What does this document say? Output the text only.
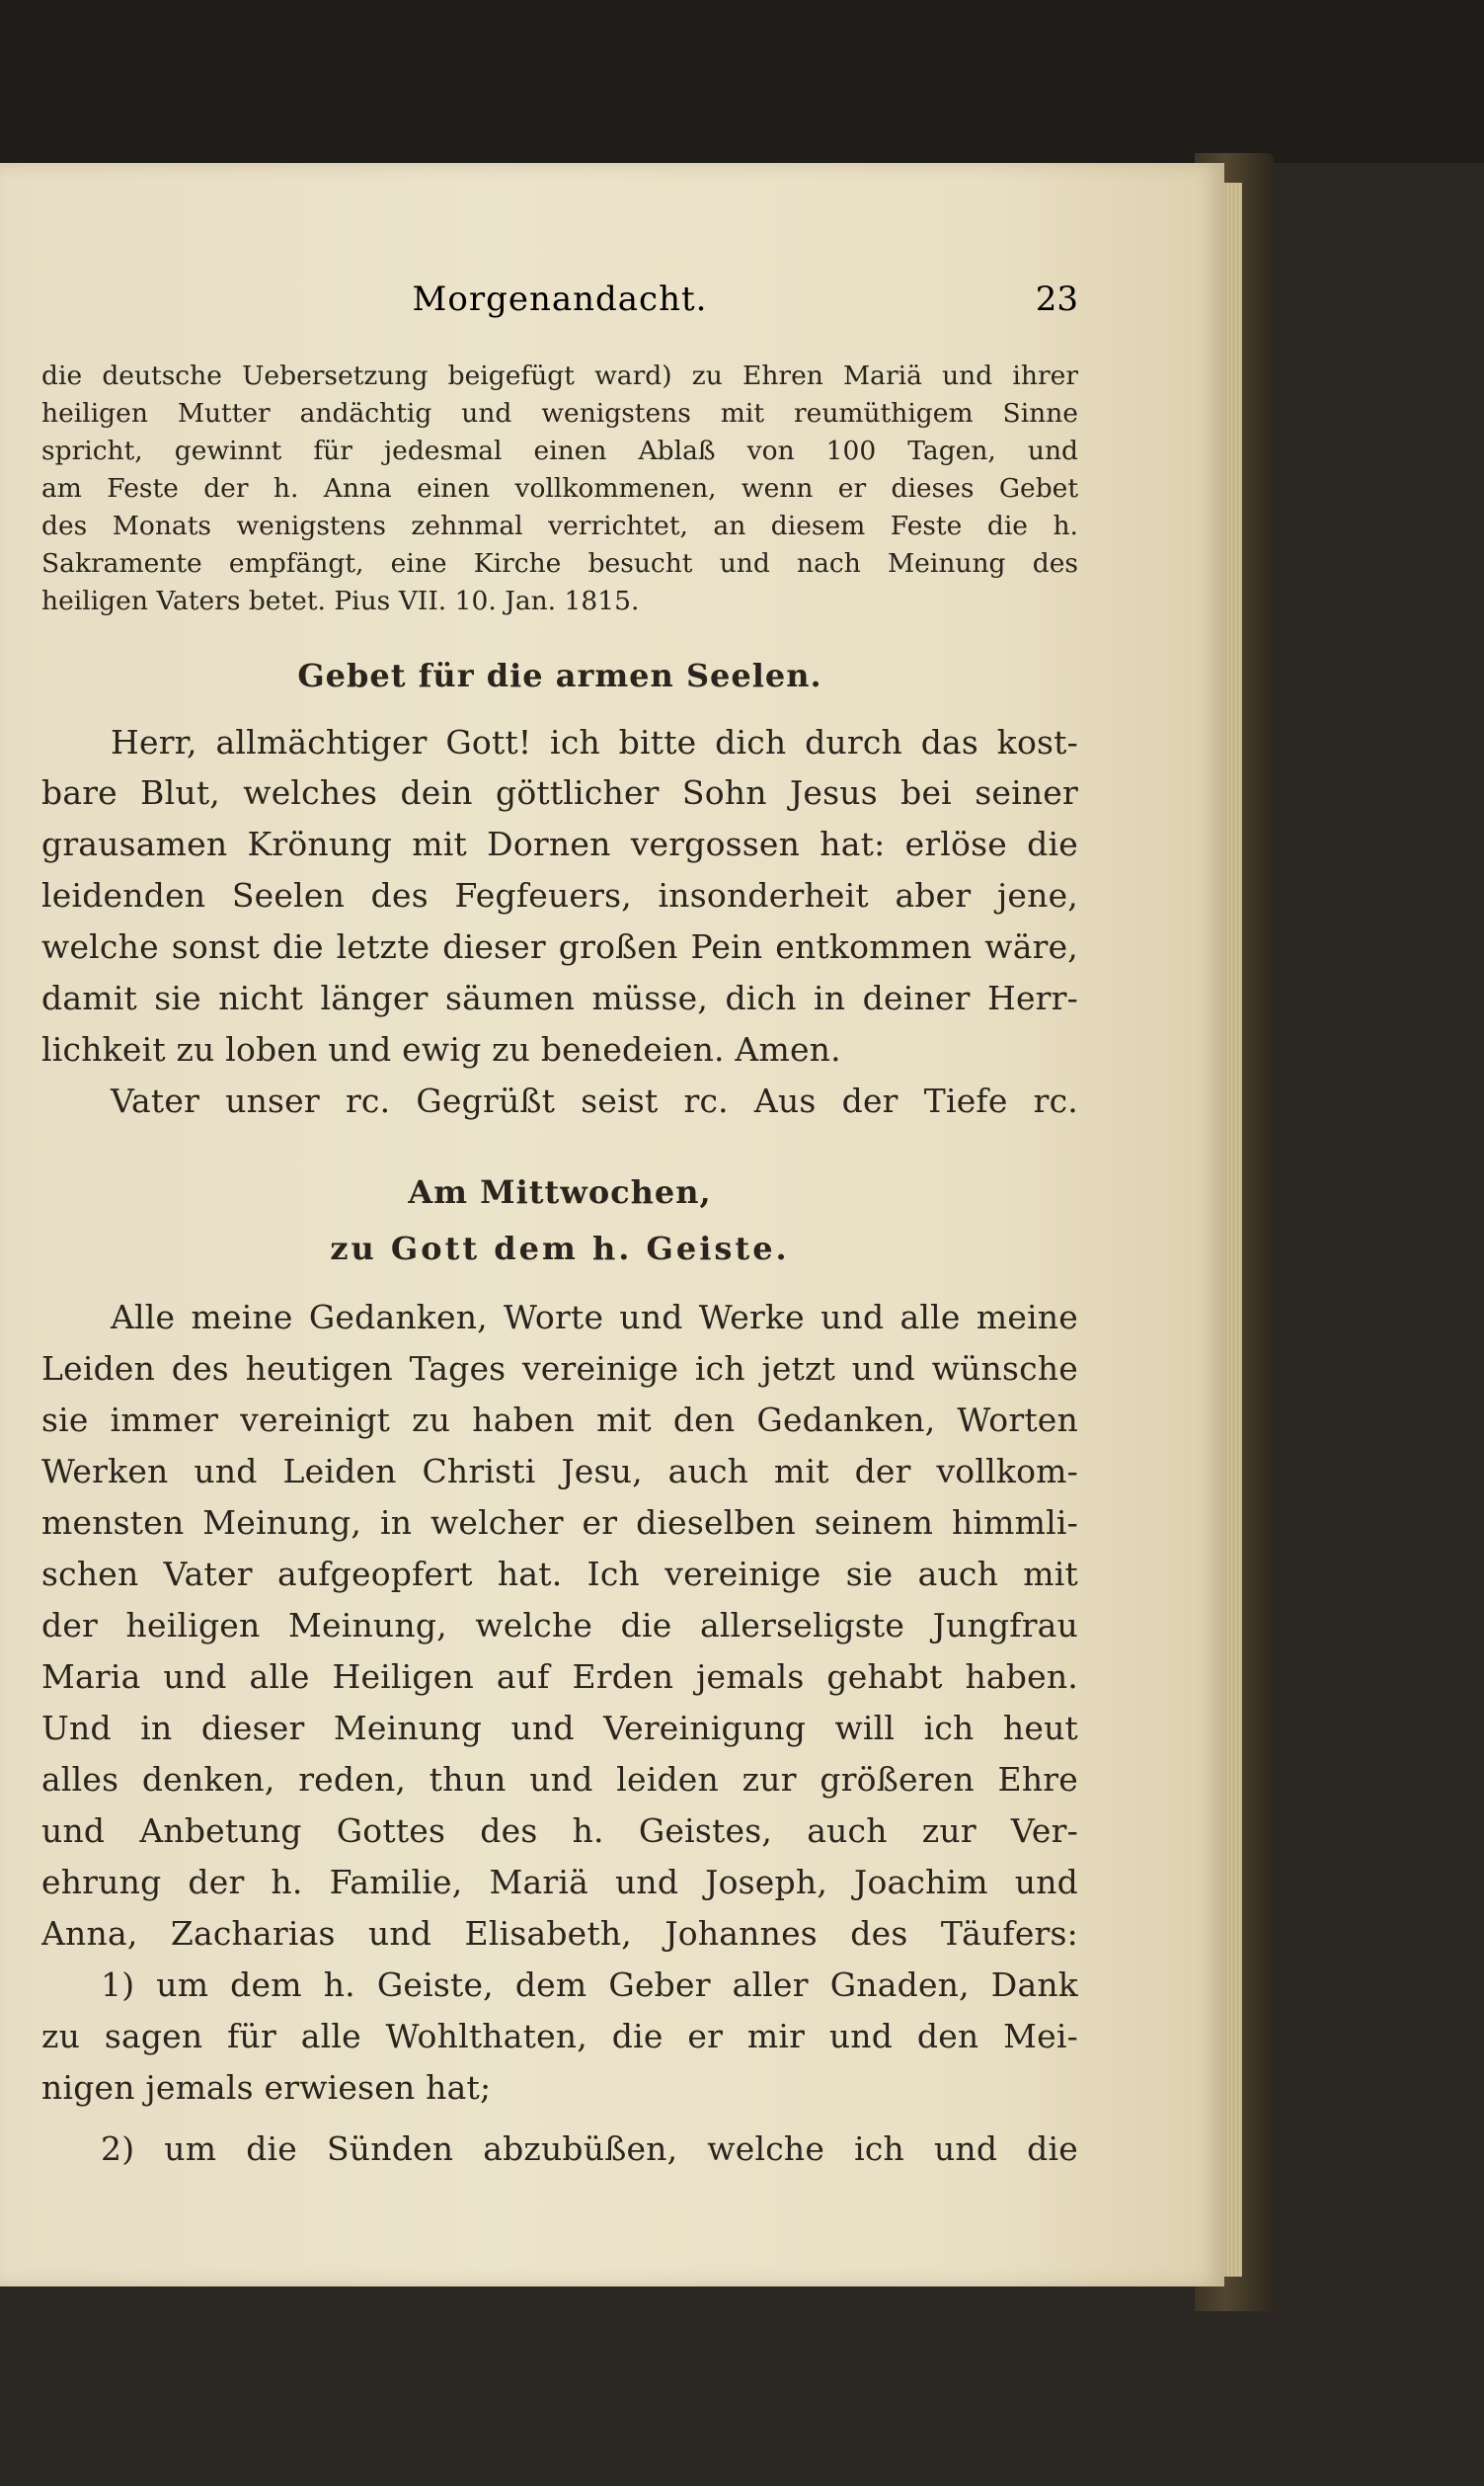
Morgenandacht.	23
die deutsche Uebersetzung beigefügt ward) zu Ehren Mariä und ihrer
heiligen Mutter andächtig und wenigstens mit reumüthigem Sinne
spricht, gewinnt für jedesmal einen Ablaß von 100 Tagen, und
am Feste der h. Anna einen vollkommenen, wenn er dieses Gebet
des Monats wenigstens zehnmal verrichtet, an diesem Feste die h.
Sakramente empfängt, eine Kirche besucht und nach Meinung des
heiligen Vaters betet. Pius VII. 10. Jan. 1815.
Gebet für die armen Seelen.
Herr, allmächtiger Gott! ich bitte dich durch das kost-
bare Blut, welches dein göttlicher Sohn Jesus bei seiner
grausamen Krönung mit Dornen vergossen hat: erlöse die
leidenden Seelen des Fegfeuers, insonderheit aber jene,
welche sonst die letzte dieser großen Pein entkommen wäre,
damit sie nicht länger säumen müsse, dich in deiner Herr-
lichkeit zu loben und ewig zu benedeien. Amen.
Vater unser rc. Gegrüßt seist rc. Aus der Tiefe rc.
Am Mittwochen,
zu Gott dem h. Geiste.
Alle meine Gedanken, Worte und Werke und alle meine
Leiden des heutigen Tages vereinige ich jetzt und wünsche
sie immer vereinigt zu haben mit den Gedanken, Worten
Werken und Leiden Christi Jesu, auch mit der vollkom-
mensten Meinung, in welcher er dieselben seinem himmli-
schen Vater aufgeopfert hat. Ich vereinige sie auch mit
der heiligen Meinung, welche die allerseligste Jungfrau
Maria und alle Heiligen auf Erden jemals gehabt haben.
Und in dieser Meinung und Vereinigung will ich heut
alles denken, reden, thun und leiden zur größeren Ehre
und Anbetung Gottes des h. Geistes, auch zur Ver-
ehrung der h. Familie, Mariä und Joseph, Joachim und
Anna, Zacharias und Elisabeth, Johannes des Täufers:
1) um dem h. Geiste, dem Geber aller Gnaden, Dank
zu sagen für alle Wohlthaten, die er mir und den Mei-
nigen jemals erwiesen hat;
2) um die Sünden abzubüßen, welche ich und die
